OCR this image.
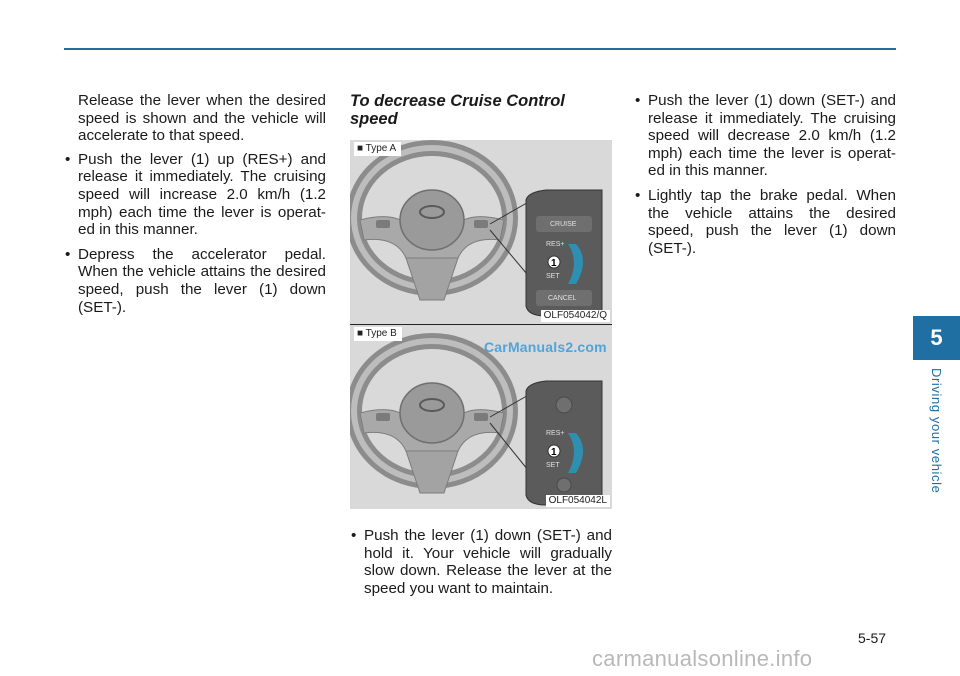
Release the lever when the desired speed is shown and the vehicle will accelerate to that speed.

• Push the lever (1) up (RES+) and release it immediately. The cruising speed will increase 2.0 km/h (1.2 mph) each time the lever is operat-ed in this manner.
• Depress the accelerator pedal. When the vehicle attains the desired speed, push the lever (1) down (SET-).
To decrease Cruise Control speed
■ Type A
CRUISE
RES+
SET
CANCEL
1
OLF054042/Q
■ Type B
CarManuals2.com
RES+
SET
1
OLF054042L
• Push the lever (1) down (SET-) and hold it. Your vehicle will gradually slow down. Release the lever at the speed you want to maintain.
• Push the lever (1) down (SET-) and release it immediately. The cruising speed will decrease 2.0 km/h (1.2 mph) each time the lever is operat-ed in this manner.
• Lightly tap the brake pedal. When the vehicle attains the desired speed, push the lever (1) down (SET-).
5
Driving your vehicle
5-57
carmanualsonline.info
